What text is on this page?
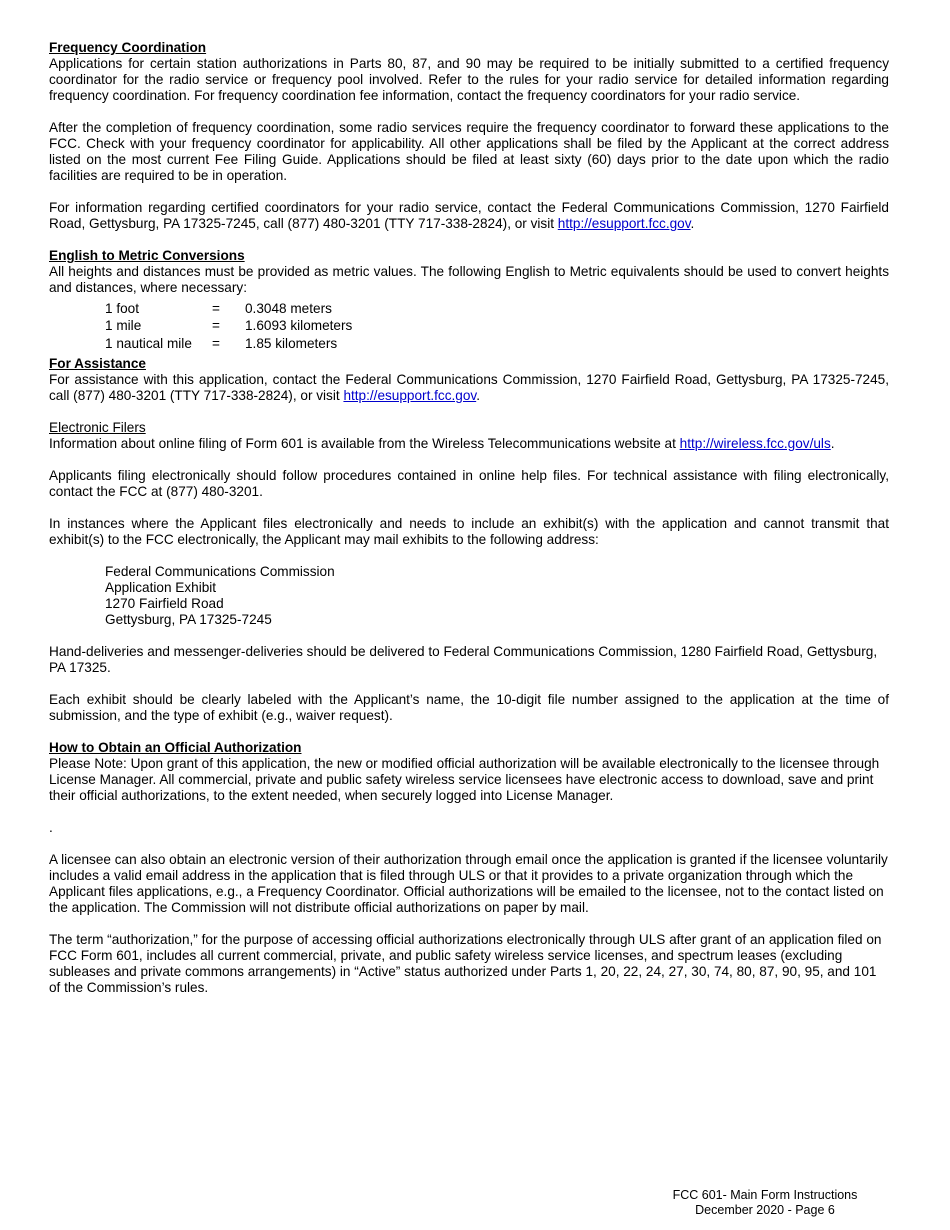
Frequency Coordination

Applications for certain station authorizations in Parts 80, 87, and 90 may be required to be initially submitted to a certified frequency coordinator for the radio service or frequency pool involved. Refer to the rules for your radio service for detailed information regarding frequency coordination. For frequency coordination fee information, contact the frequency coordinators for your radio service.

After the completion of frequency coordination, some radio services require the frequency coordinator to forward these applications to the FCC. Check with your frequency coordinator for applicability. All other applications shall be filed by the Applicant at the correct address listed on the most current Fee Filing Guide. Applications should be filed at least sixty (60) days prior to the date upon which the radio facilities are required to be in operation.

For information regarding certified coordinators for your radio service, contact the Federal Communications Commission, 1270 Fairfield Road, Gettysburg, PA 17325-7245, call (877) 480-3201 (TTY 717-338-2824), or visit http://esupport.fcc.gov.

English to Metric Conversions

All heights and distances must be provided as metric values. The following English to Metric equivalents should be used to convert heights and distances, where necessary:

1 foot	=	0.3048 meters
1 mile	=	1.6093 kilometers
1 nautical mile	=	1.85 kilometers

For Assistance

For assistance with this application, contact the Federal Communications Commission, 1270 Fairfield Road, Gettysburg, PA 17325-7245, call (877) 480-3201 (TTY 717-338-2824), or visit http://esupport.fcc.gov.

Electronic Filers

Information about online filing of Form 601 is available from the Wireless Telecommunications website at http://wireless.fcc.gov/uls.

Applicants filing electronically should follow procedures contained in online help files. For technical assistance with filing electronically, contact the FCC at (877) 480-3201.

In instances where the Applicant files electronically and needs to include an exhibit(s) with the application and cannot transmit that exhibit(s) to the FCC electronically, the Applicant may mail exhibits to the following address:

Federal Communications Commission

Application Exhibit

1270 Fairfield Road

Gettysburg, PA 17325-7245

Hand-deliveries and messenger-deliveries should be delivered to Federal Communications Commission, 1280 Fairfield Road, Gettysburg, PA 17325.

Each exhibit should be clearly labeled with the Applicant’s name, the 10-digit file number assigned to the application at the time of submission, and the type of exhibit (e.g., waiver request).

How to Obtain an Official Authorization

Please Note: Upon grant of this application, the new or modified official authorization will be available electronically to the licensee through License Manager. All commercial, private and public safety wireless service licensees have electronic access to download, save and print their official authorizations, to the extent needed, when securely logged into License Manager.

.

A licensee can also obtain an electronic version of their authorization through email once the application is granted if the licensee voluntarily includes a valid email address in the application that is filed through ULS or that it provides to a private organization through which the Applicant files applications, e.g., a Frequency Coordinator. Official authorizations will be emailed to the licensee, not to the contact listed on the application. The Commission will not distribute official authorizations on paper by mail.

The term “authorization,” for the purpose of accessing official authorizations electronically through ULS after grant of an application filed on FCC Form 601, includes all current commercial, private, and public safety wireless service licenses, and spectrum leases (excluding subleases and private commons arrangements) in “Active” status authorized under Parts 1, 20, 22, 24, 27, 30, 74, 80, 87, 90, 95, and 101 of the Commission’s rules.

FCC 601- Main Form Instructions
December 2020 - Page 6
